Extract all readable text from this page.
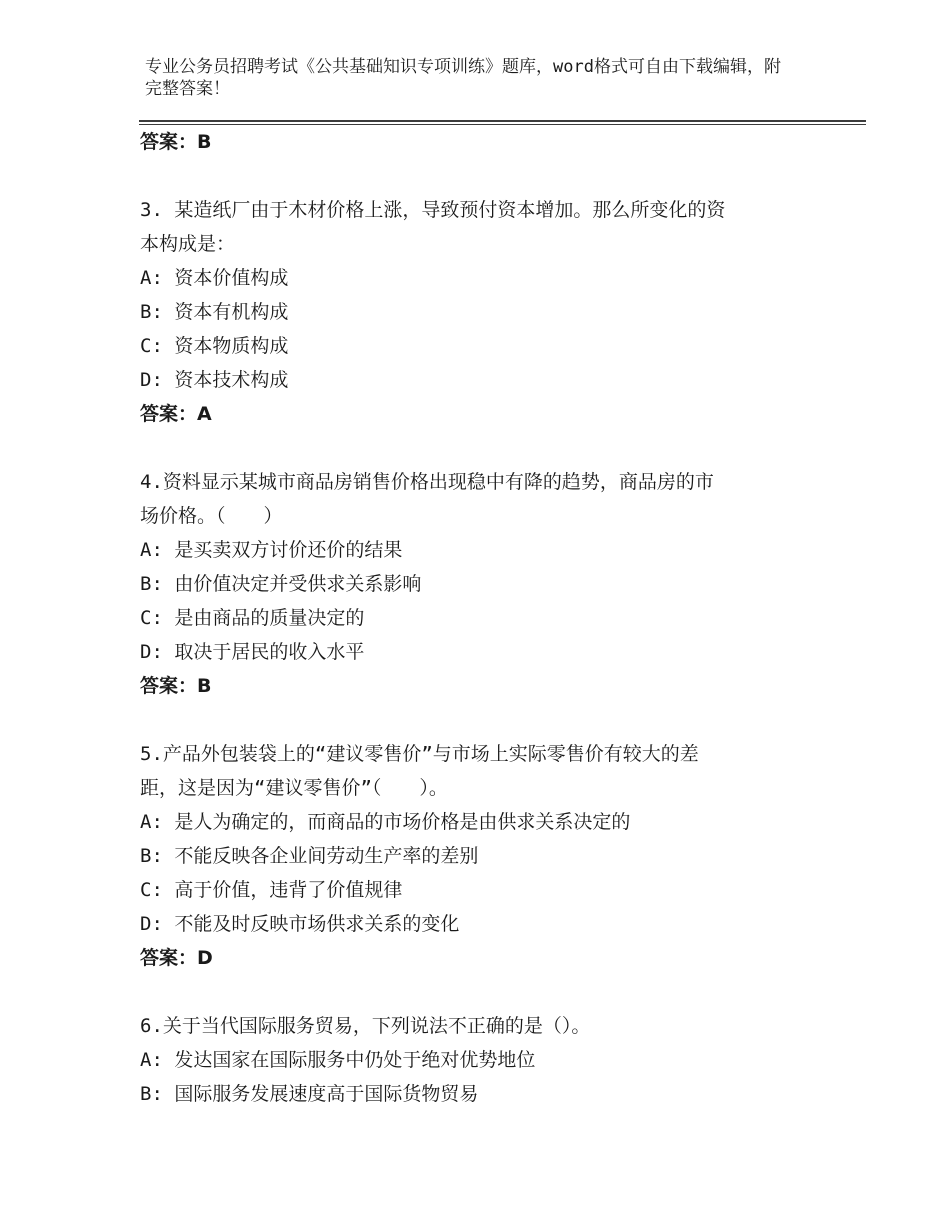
专业公务员招聘考试《公共基础知识专项训练》题库，word格式可自由下载编辑，附完整答案！
答案：B
3. 某造纸厂由于木材价格上涨，导致预付资本增加。那么所变化的资
本构成是：
A: 资本价值构成
B: 资本有机构成
C: 资本物质构成
D: 资本技术构成
答案：A
4.资料显示某城市商品房销售价格出现稳中有降的趋势，商品房的市
场价格。（　　）
A: 是买卖双方讨价还价的结果
B: 由价值决定并受供求关系影响
C: 是由商品的质量决定的
D: 取决于居民的收入水平
答案：B
5.产品外包装袋上的“建议零售价”与市场上实际零售价有较大的差
距，这是因为“建议零售价”（　　）。
A: 是人为确定的，而商品的市场价格是由供求关系决定的
B: 不能反映各企业间劳动生产率的差别
C: 高于价值，违背了价值规律
D: 不能及时反映市场供求关系的变化
答案：D
6.关于当代国际服务贸易，下列说法不正确的是（）。
A: 发达国家在国际服务中仍处于绝对优势地位
B: 国际服务发展速度高于国际货物贸易
